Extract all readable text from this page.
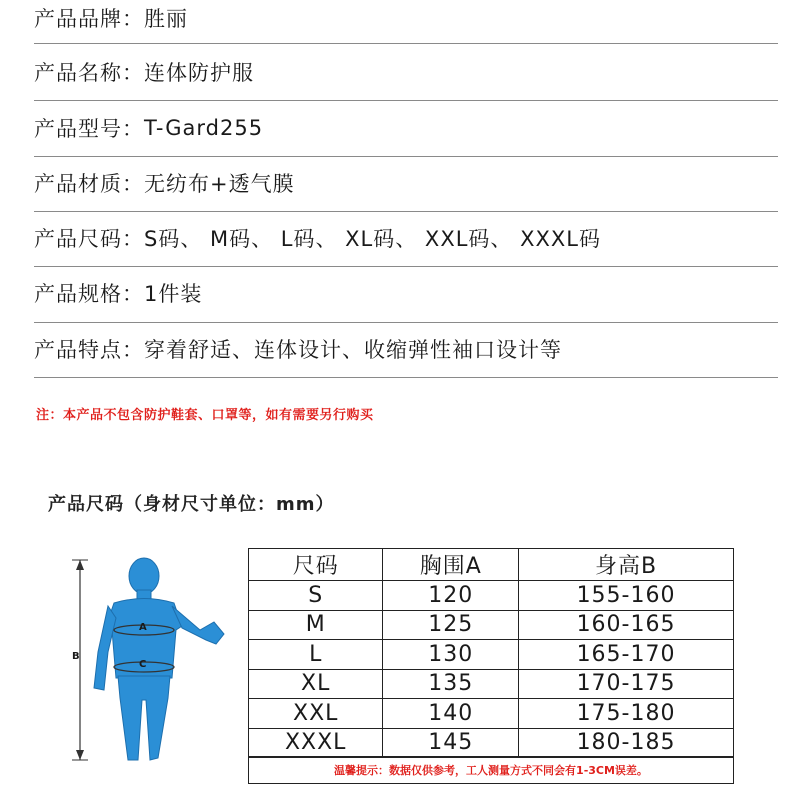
产品品牌： 胜丽
产品名称： 连体防护服
产品型号： T-Gard255
产品材质： 无纺布+透气膜
产品尺码： S码、 M码、 L码、 XL码、 XXL码、 XXXL码
产品规格： 1件装
产品特点： 穿着舒适、连体设计、收缩弹性袖口设计等
注：本产品不包含防护鞋套、口罩等，如有需要另行购买
产品尺码（身材尺寸单位：mm）
A
B
C
尺码	胸围A	身高B
S	120	155-160
M	125	160-165
L	130	165-170
XL	135	170-175
XXL	140	175-180
XXXL	145	180-185
温馨提示：数据仅供参考，工人测量方式不同会有1-3CM误差。
